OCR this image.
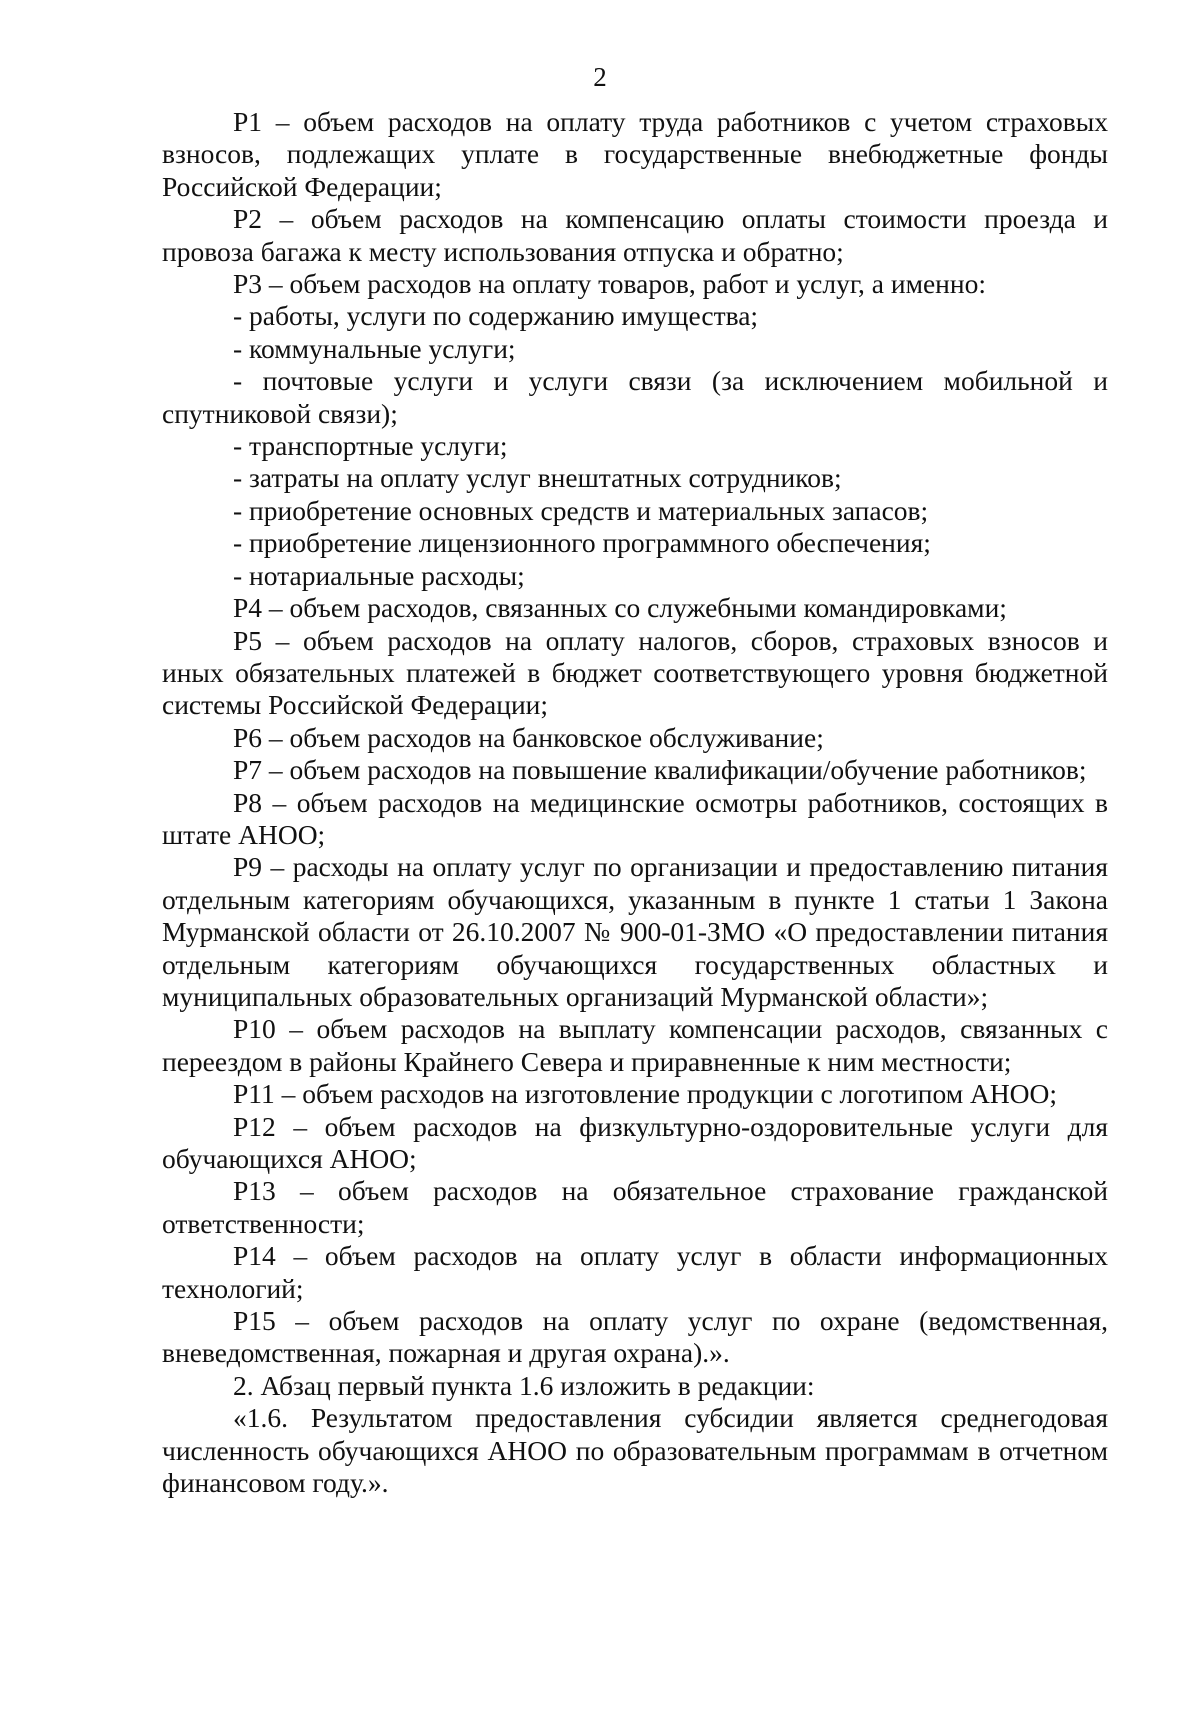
2

Р1 – объем расходов на оплату труда работников с учетом страховых взносов, подлежащих уплате в государственные внебюджетные фонды Российской Федерации;

Р2 – объем расходов на компенсацию оплаты стоимости проезда и провоза багажа к месту использования отпуска и обратно;

Р3 – объем расходов на оплату товаров, работ и услуг, а именно:

- работы, услуги по содержанию имущества;

- коммунальные услуги;

- почтовые услуги и услуги связи (за исключением мобильной и спутниковой связи);

- транспортные услуги;

- затраты на оплату услуг внештатных сотрудников;

- приобретение основных средств и материальных запасов;

- приобретение лицензионного программного обеспечения;

- нотариальные расходы;

Р4 – объем расходов, связанных со служебными командировками;

Р5 – объем расходов на оплату налогов, сборов, страховых взносов и иных обязательных платежей в бюджет соответствующего уровня бюджетной системы Российской Федерации;

Р6 – объем расходов на банковское обслуживание;

Р7 – объем расходов на повышение квалификации/обучение работников;

Р8 – объем расходов на медицинские осмотры работников, состоящих в штате АНОО;

Р9 – расходы на оплату услуг по организации и предоставлению питания отдельным категориям обучающихся, указанным в пункте 1 статьи 1 Закона Мурманской области от 26.10.2007 № 900-01-ЗМО «О предоставлении питания отдельным категориям обучающихся государственных областных и муниципальных образовательных организаций Мурманской области»;

Р10 – объем расходов на выплату компенсации расходов, связанных с переездом в районы Крайнего Севера и приравненные к ним местности;

Р11 – объем расходов на изготовление продукции с логотипом АНОО;

Р12 – объем расходов на физкультурно-оздоровительные услуги для обучающихся АНОО;

Р13 – объем расходов на обязательное страхование гражданской ответственности;

Р14 – объем расходов на оплату услуг в области информационных технологий;

Р15 – объем расходов на оплату услуг по охране (ведомственная, вневедомственная, пожарная и другая охрана).».

2. Абзац первый пункта 1.6 изложить в редакции:

«1.6. Результатом предоставления субсидии является среднегодовая численность обучающихся АНОО по образовательным программам в отчетном финансовом году.».
